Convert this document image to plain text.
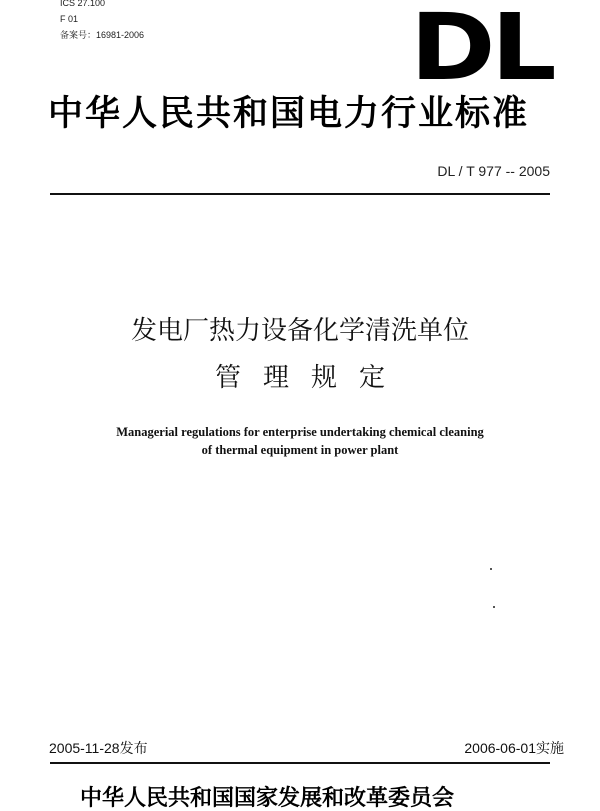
ICS 27.100
F 01
备案号：16981-2006	DL
中华人民共和国电力行业标准
DL / T 977 -- 2005
发电厂热力设备化学清洗单位
管理规定
Managerial regulations for enterprise undertaking chemical cleaning
of thermal equipment in power plant
2005-11-28发布	2006-06-01实施
中华人民共和国国家发展和改革委员会
